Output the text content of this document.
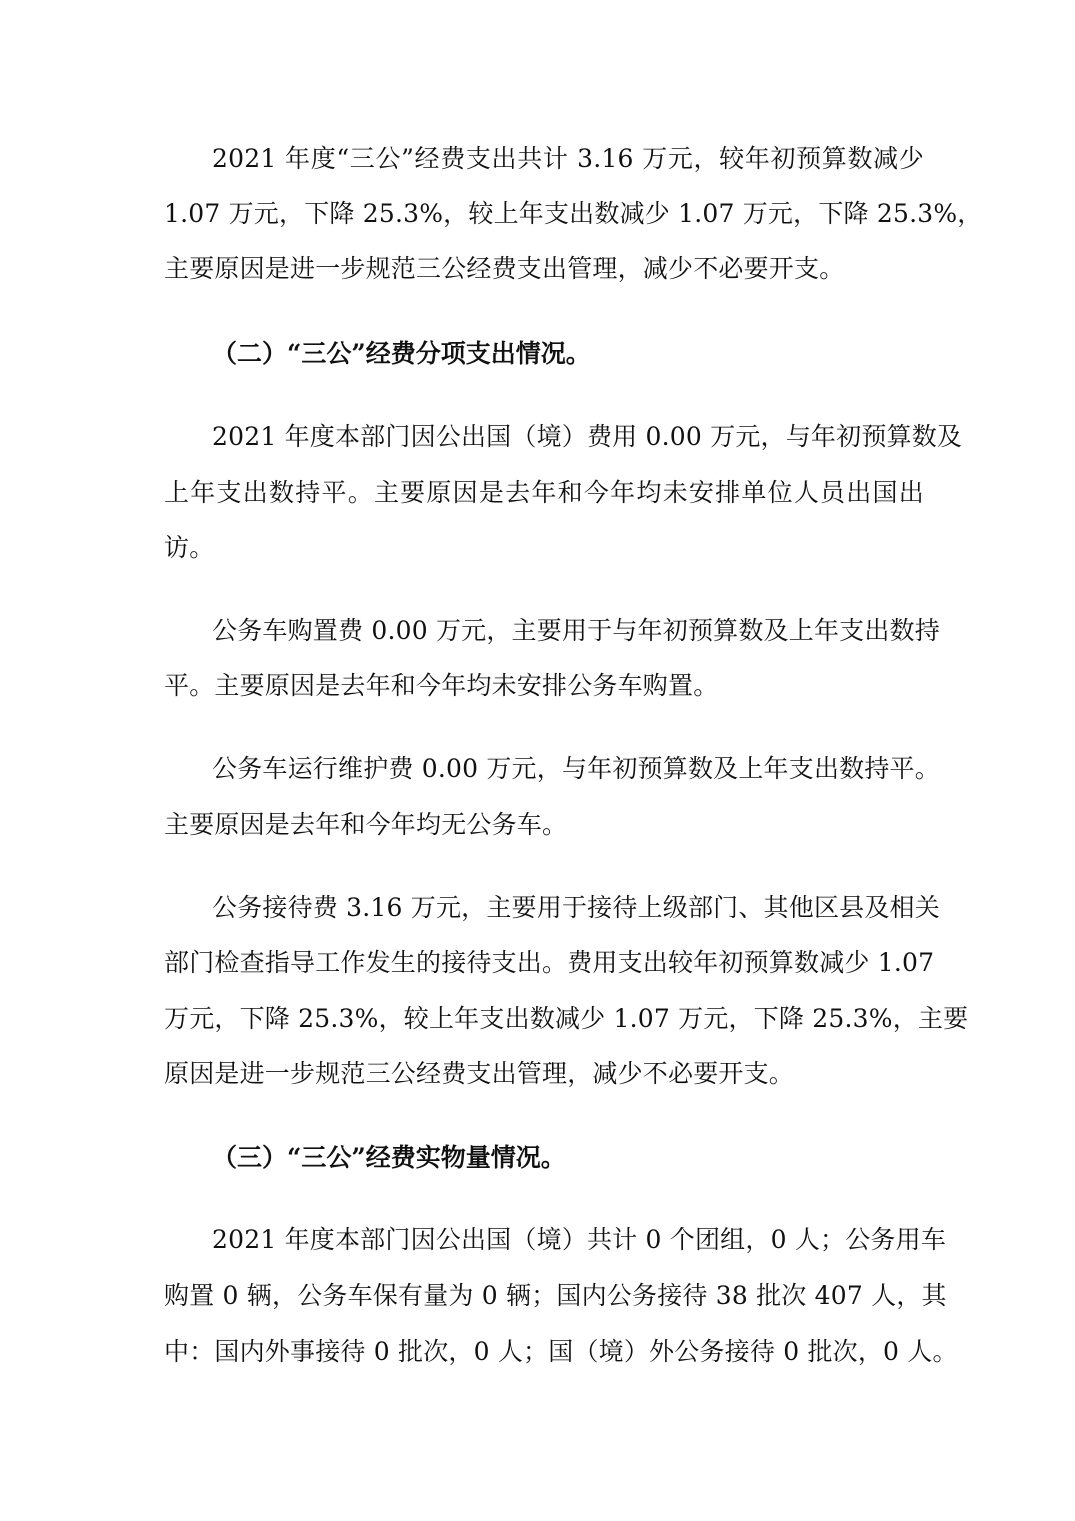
2021 年度“三公”经费支出共计 3.16 万元，较年初预算数减少
1.07 万元，下降 25.3%，较上年支出数减少 1.07 万元，下降 25.3%，
主要原因是进一步规范三公经费支出管理，减少不必要开支。
（二）“三公”经费分项支出情况。
2021 年度本部门因公出国（境）费用 0.00 万元，与年初预算数及
上年支出数持平。主要原因是去年和今年均未安排单位人员出国出
访。
公务车购置费 0.00 万元，主要用于与年初预算数及上年支出数持
平。主要原因是去年和今年均未安排公务车购置。
公务车运行维护费 0.00 万元，与年初预算数及上年支出数持平。
主要原因是去年和今年均无公务车。
公务接待费 3.16 万元，主要用于接待上级部门、其他区县及相关
部门检查指导工作发生的接待支出。费用支出较年初预算数减少 1.07
万元，下降 25.3%，较上年支出数减少 1.07 万元，下降 25.3%，主要
原因是进一步规范三公经费支出管理，减少不必要开支。
（三）“三公”经费实物量情况。
2021 年度本部门因公出国（境）共计 0 个团组，0 人；公务用车
购置 0 辆，公务车保有量为 0 辆；国内公务接待 38 批次 407 人，其
中：国内外事接待 0 批次，0 人；国（境）外公务接待 0 批次，0 人。
